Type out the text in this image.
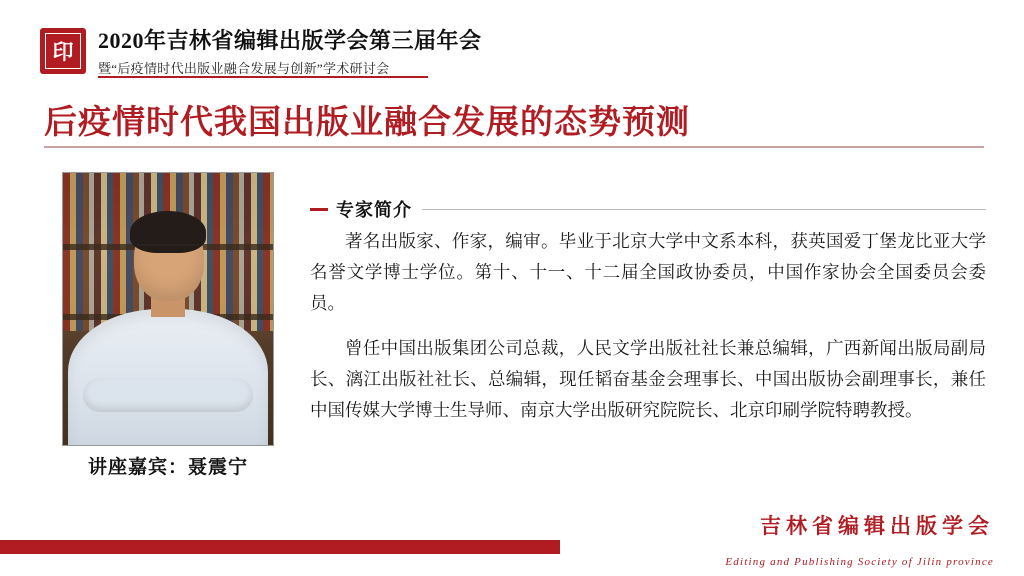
印	2020年吉林省编辑出版学会第三届年会
暨“后疫情时代出版业融合发展与创新”学术研讨会
后疫情时代我国出版业融合发展的态势预测
讲座嘉宾：聂震宁
专家简介

著名出版家、作家，编审。毕业于北京大学中文系本科，获英国爱丁堡龙比亚大学名誉文学博士学位。第十、十一、十二届全国政协委员，中国作家协会全国委员会委员。

曾任中国出版集团公司总裁，人民文学出版社社长兼总编辑，广西新闻出版局副局长、漓江出版社社长、总编辑，现任韬奋基金会理事长、中国出版协会副理事长，兼任中国传媒大学博士生导师、南京大学出版研究院院长、北京印刷学院特聘教授。

吉林省编辑出版学会
Editing and Publishing Society of Jilin province
